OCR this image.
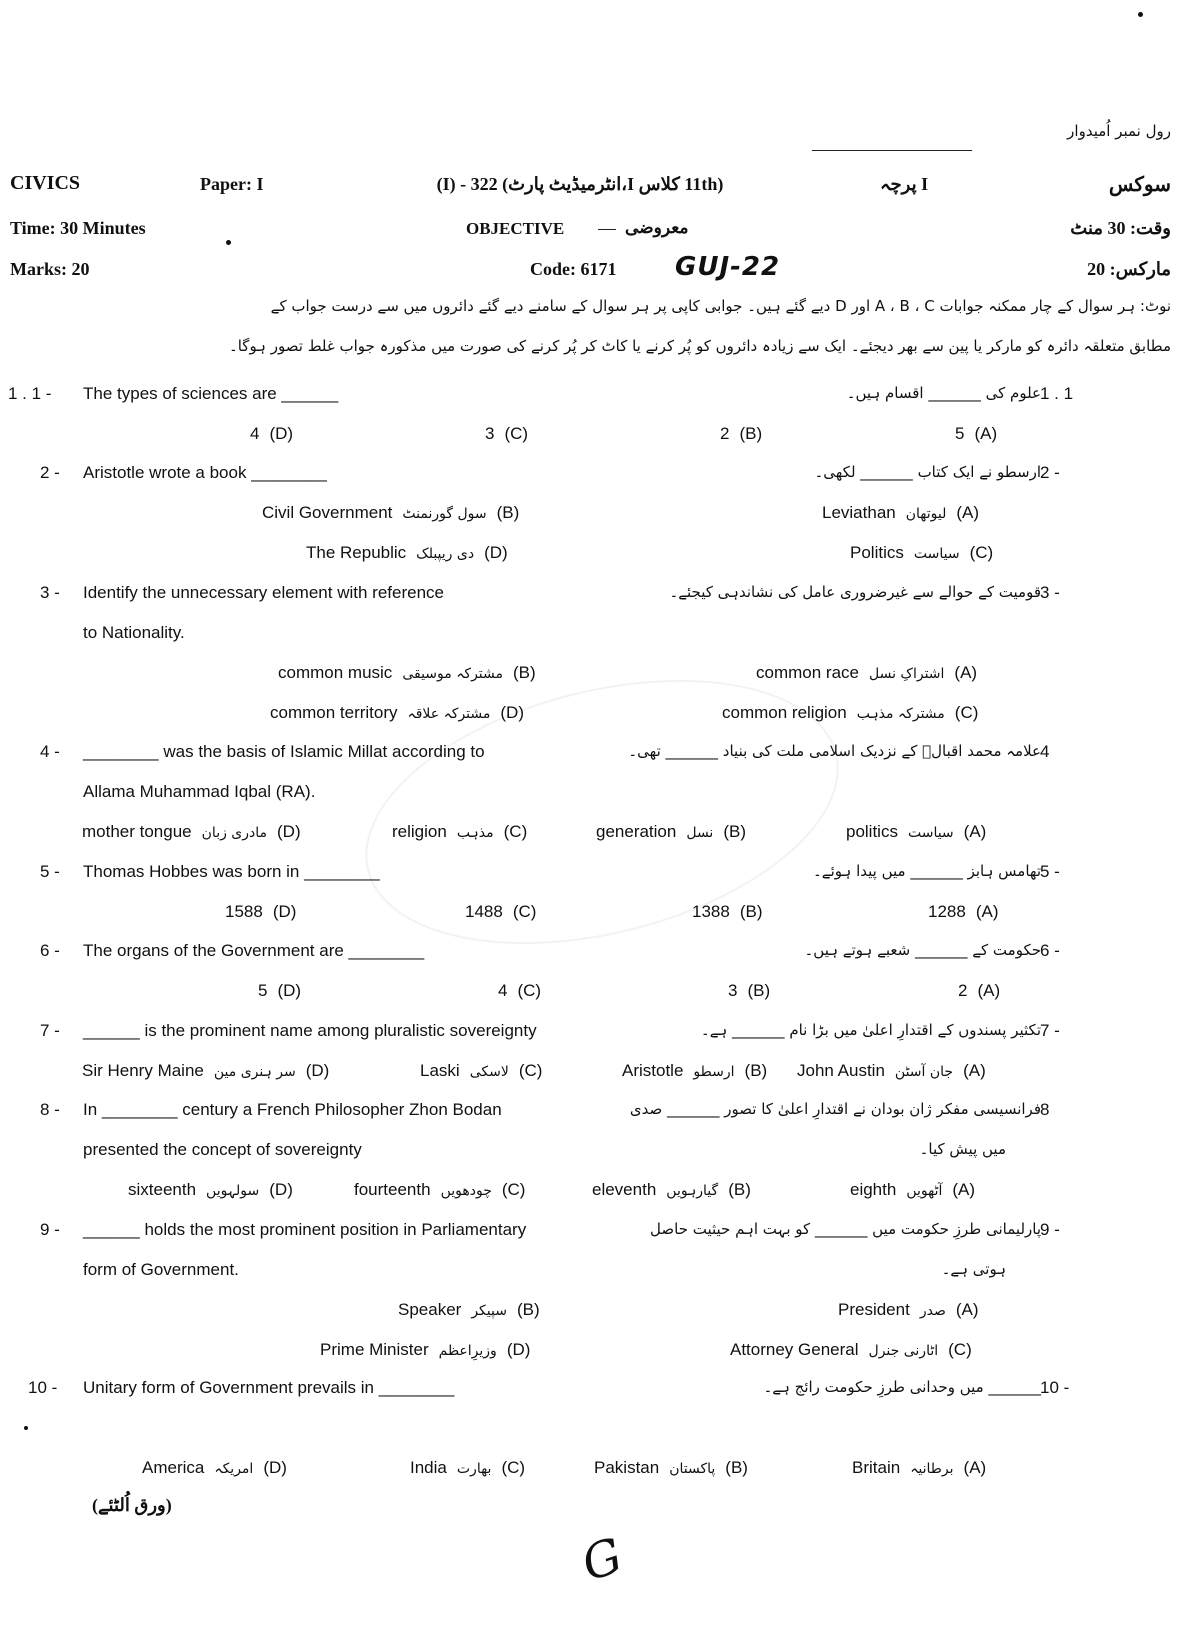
رول نمبر اُمیدوار
CIVICS	Paper: I	(11th کلاس I،انٹرمیڈیٹ پارٹ) 322 - (I)	I پرچہ	سوکس
Time: 30 Minutes	OBJECTIVE	معروضی	وقت: 30 منٹ
Marks: 20	Code: 6171 GUJ-22	مارکس: 20
نوٹ: ہر سوال کے چار ممکنہ جوابات A ، B ، C اور D دیے گئے ہیں۔ جوابی کاپی پر ہر سوال کے سامنے دیے گئے دائروں میں سے درست جواب کے
مطابق متعلقہ دائرہ کو مارکر یا پین سے بھر دیجئے۔ ایک سے زیادہ دائروں کو پُر کرنے یا کاٹ کر پُر کرنے کی صورت میں مذکورہ جواب غلط تصور ہوگا۔
1 . 1 - The types of sciences are ______	1 . 1
علوم کی _______ اقسام ہیں۔
4 (D)	3 (C)	2 (B)	5 (A)
2 - Aristotle wrote a book ________	2 -
ارسطو نے ایک کتاب _______ لکھی۔
Civil Government سول گورنمنٹ (B)	Leviathan لیوتھان (A)
The Republic دی ریپبلک (D)	Politics سیاست (C)
3 - Identify the unnecessary element with reference
to Nationality.
3 -
قومیت کے حوالے سے غیرضروری عامل کی نشاندہی کیجئے۔
common music مشترکہ موسیقی (B)	common race اشتراکِ نسل (A)
common territory مشترکہ علاقہ (D)	common religion مشترکہ مذہب (C)
4 - ________ was the basis of Islamic Millat according to
Allama Muhammad Iqbal (RA).
4
علامہ محمد اقبالؒ کے نزدیک اسلامی ملت کی بنیاد _______ تھی۔
mother tongue مادری زبان (D)	religion مذہب (C)	generation نسل (B)	politics سیاست (A)
5 - Thomas Hobbes was born in ________	5 -
تھامس ہابز _______ میں پیدا ہوئے۔
1588 (D)	1488 (C)	1388 (B)	1288 (A)
6 - The organs of the Government are ________	6 -
حکومت کے _______ شعبے ہوتے ہیں۔
5 (D)	4 (C)	3 (B)	2 (A)
7 - ______ is the prominent name among pluralistic sovereignty	7 -
تکثیر پسندوں کے اقتدارِ اعلیٰ میں بڑا نام _______ ہے۔
Sir Henry Maine سر ہنری مین (D)	Laski لاسکی (C)	Aristotle ارسطو (B) John Austin جان آسٹن (A)
8 - In ________ century a French Philosopher Zhon Bodan
presented the concept of sovereignty
8
فرانسیسی مفکر ژان بودان نے اقتدارِ اعلیٰ کا تصور _______ صدی
میں پیش کیا۔
sixteenth سولہویں (D)	fourteenth چودھویں (C)	eleventh گیارہویں (B)	eighth آٹھویں (A)
9 - ______ holds the most prominent position in Parliamentary
form of Government.
9 -
پارلیمانی طرزِ حکومت میں _______ کو بہت اہم حیثیت حاصل
ہوتی ہے۔
Speaker سپیکر (B)	President صدر (A)
Prime Minister وزیرِاعظم (D)	Attorney General اٹارنی جنرل (C)
10 - Unitary form of Government prevails in ________	10 -
_______ میں وحدانی طرزِ حکومت رائج ہے۔
America امریکہ (D)	India بھارت (C)	Pakistan پاکستان (B)	Britain برطانیہ (A)
(ورق اُلٹئے)
G
